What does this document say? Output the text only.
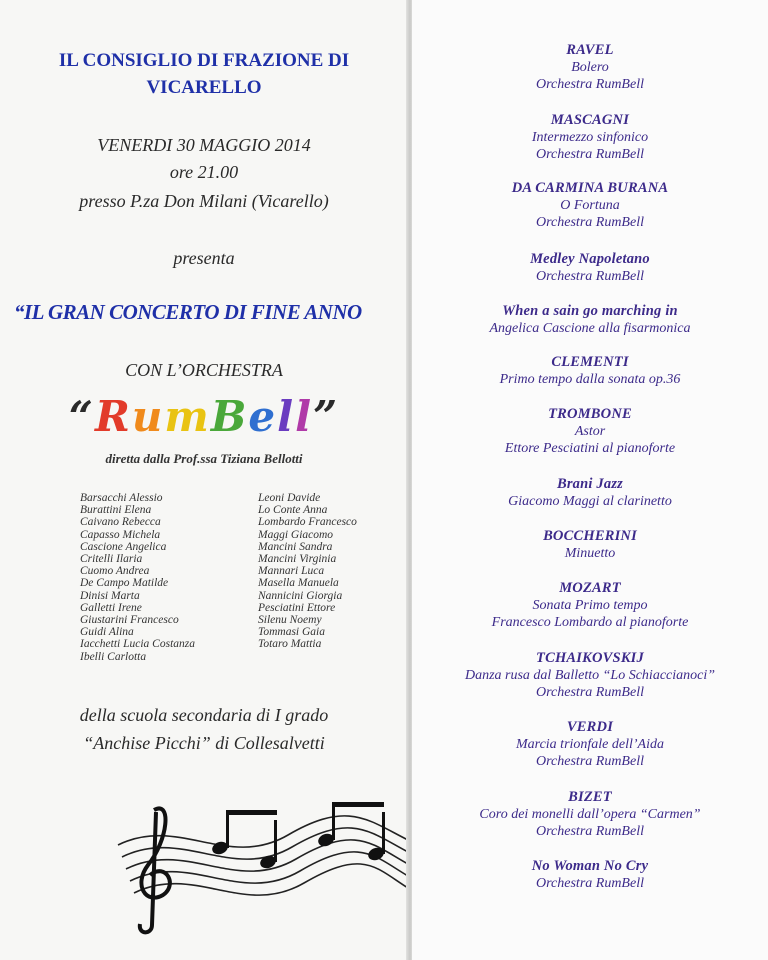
IL CONSIGLIO DI FRAZIONE DI
VICARELLO
VENERDI 30 MAGGIO 2014
ore 21.00
presso P.za Don Milani (Vicarello)
presenta
“IL GRAN CONCERTO DI FINE ANNO
CON L’ORCHESTRA
“RumBell”
diretta dalla Prof.ssa Tiziana Bellotti
Barsacchi Alessio
Burattini Elena
Caivano Rebecca
Capasso Michela
Cascione Angelica
Critelli Ilaria
Cuomo Andrea
De Campo Matilde
Dinisi Marta
Galletti Irene
Giustarini Francesco
Guidi Alina
Iacchetti Lucia Costanza
Ibelli Carlotta
Leoni Davide
Lo Conte Anna
Lombardo Francesco
Maggi Giacomo
Mancini Sandra
Mancini Virginia
Mannari Luca
Masella Manuela
Nannicini Giorgia
Pesciatini Ettore
Silenu Noemy
Tommasi Gaia
Totaro Mattia
della scuola secondaria di I grado
“Anchise Picchi” di Collesalvetti
RAVEL
Bolero
Orchestra RumBell
MASCAGNI
Intermezzo sinfonico
Orchestra RumBell
DA CARMINA BURANA
O Fortuna
Orchestra RumBell
Medley Napoletano
Orchestra RumBell
When a sain go marching in
Angelica Cascione alla fisarmonica
CLEMENTI
Primo tempo dalla sonata op.36
TROMBONE
Astor
Ettore Pesciatini al pianoforte
Brani Jazz
Giacomo Maggi al clarinetto
BOCCHERINI
Minuetto
MOZART
Sonata Primo tempo
Francesco Lombardo al pianoforte
TCHAIKOVSKIJ
Danza rusa dal Balletto “Lo Schiaccianoci”
Orchestra RumBell
VERDI
Marcia trionfale dell’Aida
Orchestra RumBell
BIZET
Coro dei monelli dall’opera “Carmen”
Orchestra RumBell
No Woman No Cry
Orchestra RumBell
